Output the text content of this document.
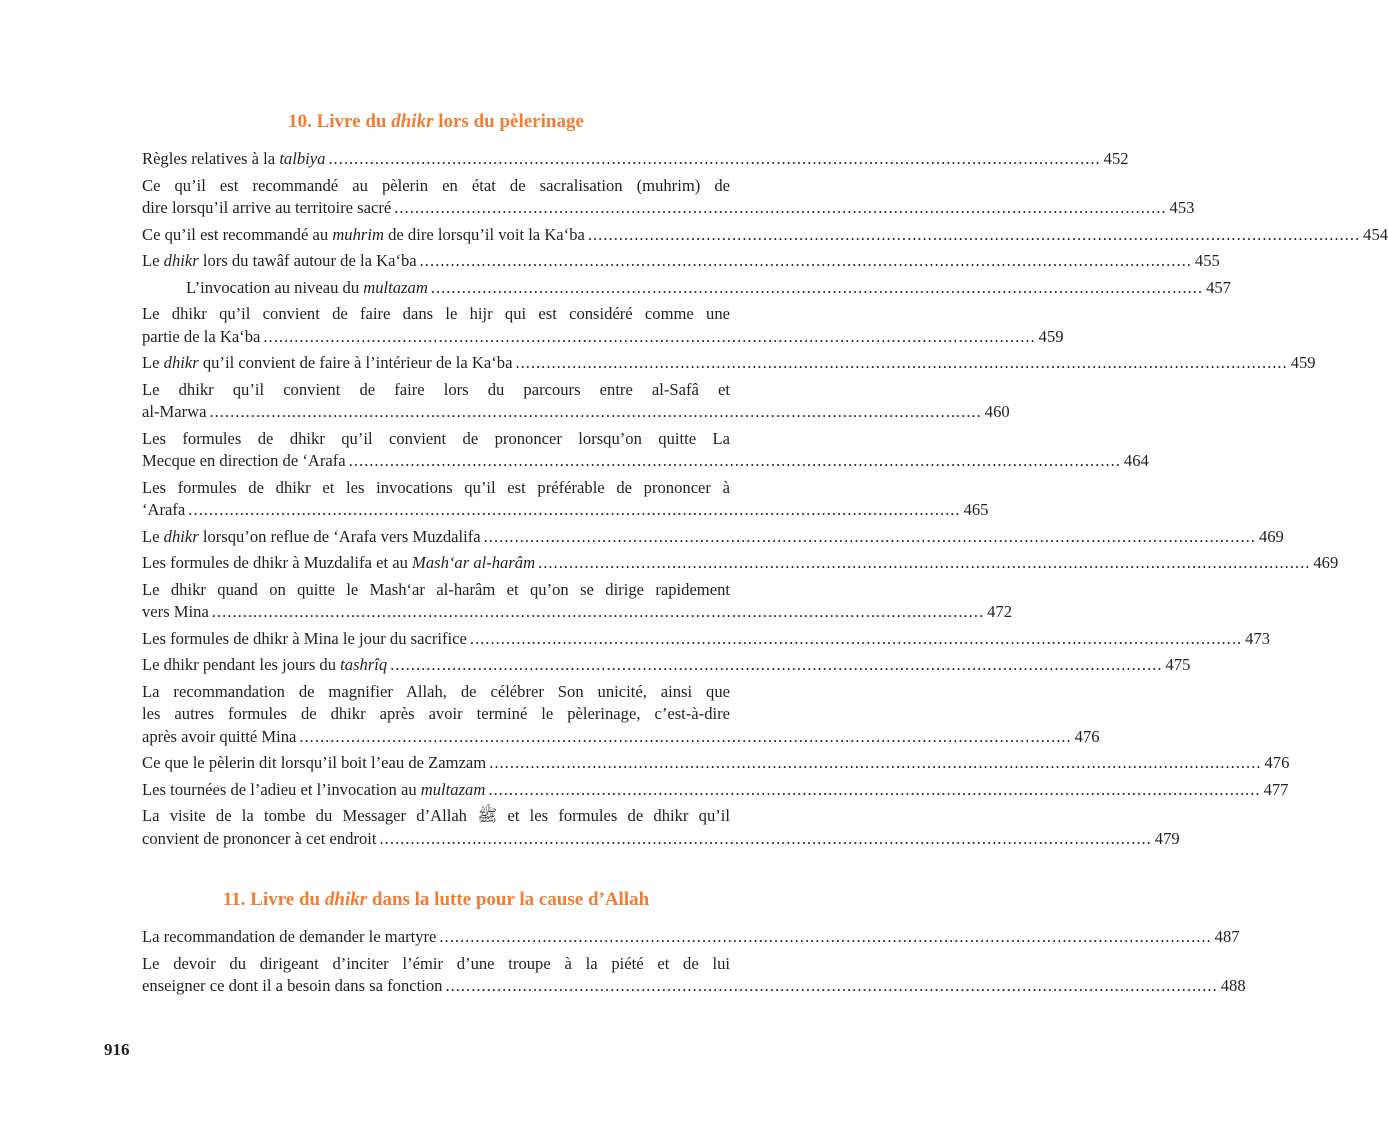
10. Livre du dhikr lors du pèlerinage
Règles relatives à la talbiya ...................................................................................................................................................... 452
Ce qu’il est recommandé au pèlerin en état de sacralisation (muhrim) de
dire lorsqu’il arrive au territoire sacré ...................................................................................................................................................... 453
Ce qu’il est recommandé au muhrim de dire lorsqu’il voit la Ka‘ba ...................................................................................................................................................... 454
Le dhikr lors du tawâf autour de la Ka‘ba ...................................................................................................................................................... 455
L’invocation au niveau du multazam ...................................................................................................................................................... 457
Le dhikr qu’il convient de faire dans le hijr qui est considéré comme une
partie de la Ka‘ba ...................................................................................................................................................... 459
Le dhikr qu’il convient de faire à l’intérieur de la Ka‘ba ...................................................................................................................................................... 459
Le dhikr qu’il convient de faire lors du parcours entre al-Safâ et
al-Marwa ...................................................................................................................................................... 460
Les formules de dhikr qu’il convient de prononcer lorsqu’on quitte La
Mecque en direction de ‘Arafa ...................................................................................................................................................... 464
Les formules de dhikr et les invocations qu’il est préférable de prononcer à
‘Arafa ...................................................................................................................................................... 465
Le dhikr lorsqu’on reflue de ‘Arafa vers Muzdalifa ...................................................................................................................................................... 469
Les formules de dhikr à Muzdalifa et au Mash‘ar al-harâm ...................................................................................................................................................... 469
Le dhikr quand on quitte le Mash‘ar al-harâm et qu’on se dirige rapidement
vers Mina ...................................................................................................................................................... 472
Les formules de dhikr à Mina le jour du sacrifice ...................................................................................................................................................... 473
Le dhikr pendant les jours du tashrîq ...................................................................................................................................................... 475
La recommandation de magnifier Allah, de célébrer Son unicité, ainsi que
les autres formules de dhikr après avoir terminé le pèlerinage, c’est-à-dire
après avoir quitté Mina ...................................................................................................................................................... 476
Ce que le pèlerin dit lorsqu’il boit l’eau de Zamzam ...................................................................................................................................................... 476
Les tournées de l’adieu et l’invocation au multazam ...................................................................................................................................................... 477
La visite de la tombe du Messager d’Allah ﷺ et les formules de dhikr qu’il
convient de prononcer à cet endroit ...................................................................................................................................................... 479
11. Livre du dhikr dans la lutte pour la cause d’Allah
La recommandation de demander le martyre ...................................................................................................................................................... 487
Le devoir du dirigeant d’inciter l’émir d’une troupe à la piété et de lui
enseigner ce dont il a besoin dans sa fonction ...................................................................................................................................................... 488

916
